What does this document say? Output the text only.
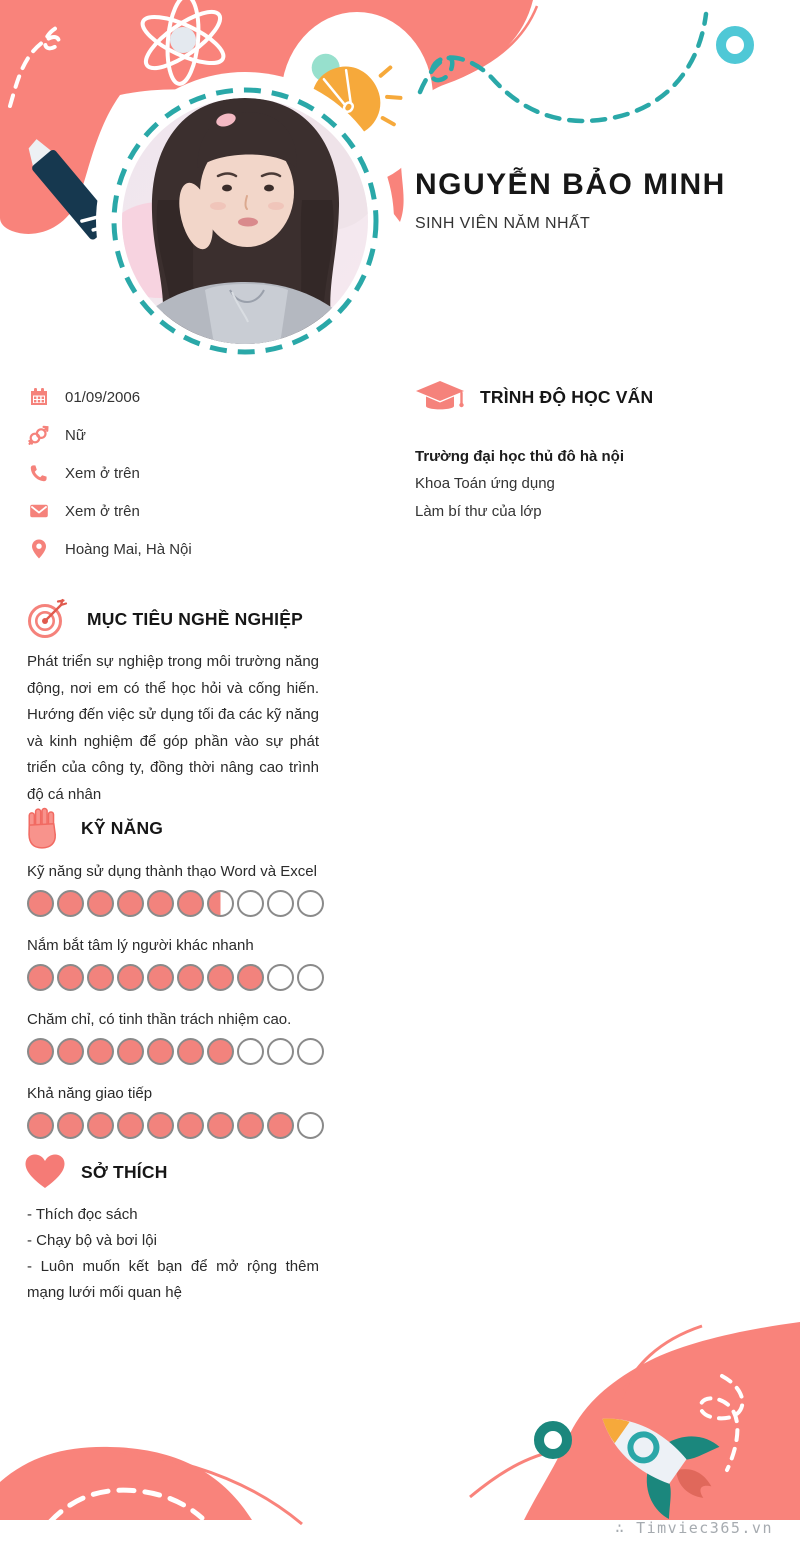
NGUYỄN BẢO MINH
SINH VIÊN NĂM NHẤT
01/09/2006
Nữ
Xem ở trên
Xem ở trên
Hoàng Mai, Hà Nội
TRÌNH ĐỘ HỌC VẤN
Trường đại học thủ đô hà nội
Khoa Toán ứng dụng
Làm bí thư của lớp
MỤC TIÊU NGHỀ NGHIỆP

Phát triển sự nghiệp trong môi trường năng động, nơi em có thể học hỏi và cống hiến. Hướng đến việc sử dụng tối đa các kỹ năng và kinh nghiệm để góp phần vào sự phát triển của công ty, đồng thời nâng cao trình độ cá nhân

KỸ NĂNG
Kỹ năng sử dụng thành thạo Word và Excel
Nắm bắt tâm lý người khác nhanh
Chăm chỉ, có tinh thần trách nhiệm cao.
Khả năng giao tiếp
SỞ THÍCH
- Thích đọc sách
- Chạy bộ và bơi lội
- Luôn muốn kết bạn để mở rộng thêm mạng lưới mối quan hệ
∴ Timviec365.vn
